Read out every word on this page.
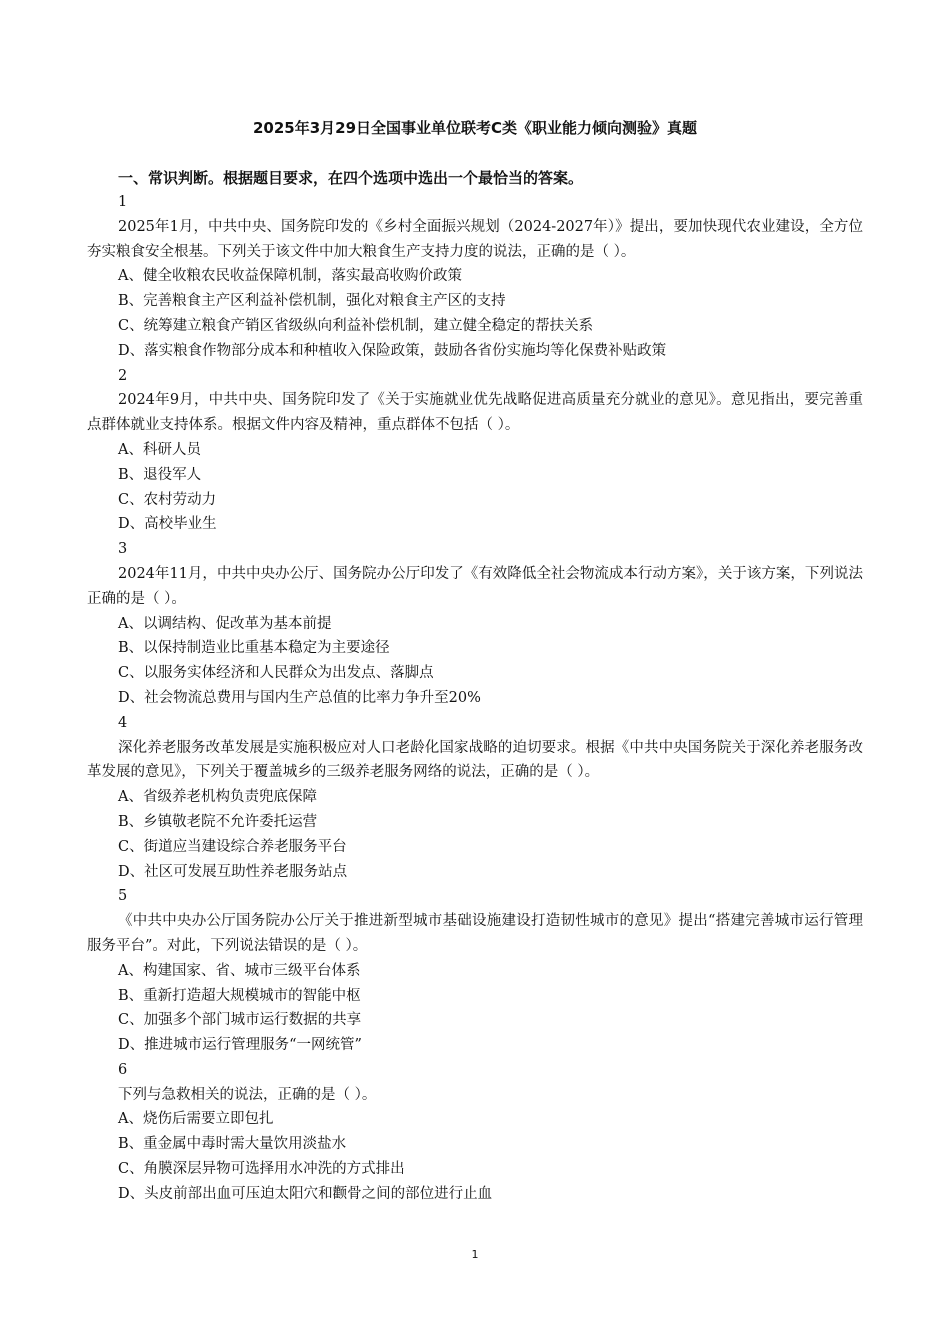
2025年3月29日全国事业单位联考C类《职业能力倾向测验》真题
一、常识判断。根据题目要求，在四个选项中选出一个最恰当的答案。
1
2025年1月，中共中央、国务院印发的《乡村全面振兴规划（2024-2027年）》提出，要加快现代农业建设，全方位夯实粮食安全根基。下列关于该文件中加大粮食生产支持力度的说法，正确的是（ ）。
A、健全收粮农民收益保障机制，落实最高收购价政策
B、完善粮食主产区利益补偿机制，强化对粮食主产区的支持
C、统筹建立粮食产销区省级纵向利益补偿机制，建立健全稳定的帮扶关系
D、落实粮食作物部分成本和种植收入保险政策，鼓励各省份实施均等化保费补贴政策
2
2024年9月，中共中央、国务院印发了《关于实施就业优先战略促进高质量充分就业的意见》。意见指出，要完善重点群体就业支持体系。根据文件内容及精神，重点群体不包括（ ）。
A、科研人员
B、退役军人
C、农村劳动力
D、高校毕业生
3
2024年11月，中共中央办公厅、国务院办公厅印发了《有效降低全社会物流成本行动方案》，关于该方案，下列说法正确的是（ ）。
A、以调结构、促改革为基本前提
B、以保持制造业比重基本稳定为主要途径
C、以服务实体经济和人民群众为出发点、落脚点
D、社会物流总费用与国内生产总值的比率力争升至20%
4
深化养老服务改革发展是实施积极应对人口老龄化国家战略的迫切要求。根据《中共中央国务院关于深化养老服务改革发展的意见》，下列关于覆盖城乡的三级养老服务网络的说法，正确的是（ ）。
A、省级养老机构负责兜底保障
B、乡镇敬老院不允许委托运营
C、街道应当建设综合养老服务平台
D、社区可发展互助性养老服务站点
5
《中共中央办公厅国务院办公厅关于推进新型城市基础设施建设打造韧性城市的意见》提出“搭建完善城市运行管理服务平台”。对此，下列说法错误的是（ ）。
A、构建国家、省、城市三级平台体系
B、重新打造超大规模城市的智能中枢
C、加强多个部门城市运行数据的共享
D、推进城市运行管理服务“一网统管”
6
下列与急救相关的说法，正确的是（ ）。
A、烧伤后需要立即包扎
B、重金属中毒时需大量饮用淡盐水
C、角膜深层异物可选择用水冲洗的方式排出
D、头皮前部出血可压迫太阳穴和颧骨之间的部位进行止血
1
